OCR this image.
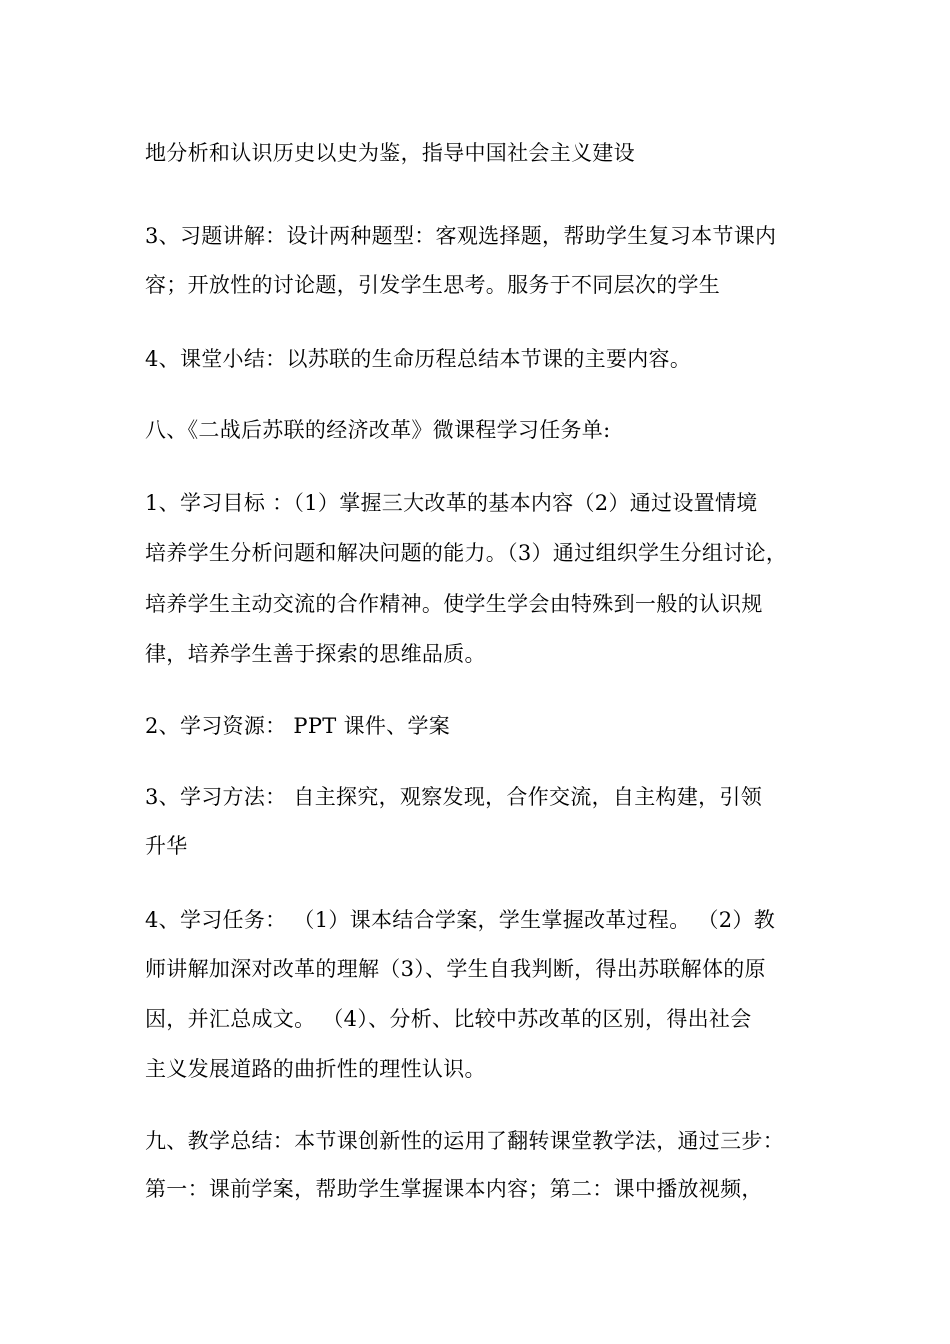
地分析和认识历史以史为鉴，指导中国社会主义建设
3、习题讲解：设计两种题型：客观选择题，帮助学生复习本节课内
容；开放性的讨论题，引发学生思考。服务于不同层次的学生
4、课堂小结：以苏联的生命历程总结本节课的主要内容。
八、《二战后苏联的经济改革》微课程学习任务单:
1、学习目标 ：（1）掌握三大改革的基本内容（2）通过设置情境
培养学生分析问题和解决问题的能力。（3）通过组织学生分组讨论，
培养学生主动交流的合作精神。使学生学会由特殊到一般的认识规
律，培养学生善于探索的思维品质。
2、学习资源： PPT 课件、学案
3、学习方法： 自主探究，观察发现，合作交流，自主构建，引领
升华
4、学习任务： （1）课本结合学案，学生掌握改革过程。 （2）教
师讲解加深对改革的理解（3）、学生自我判断，得出苏联解体的原
因，并汇总成文。 （4）、分析、比较中苏改革的区别，得出社会
主义发展道路的曲折性的理性认识。
九、教学总结：本节课创新性的运用了翻转课堂教学法，通过三步：
第一：课前学案，帮助学生掌握课本内容；第二：课中播放视频，
